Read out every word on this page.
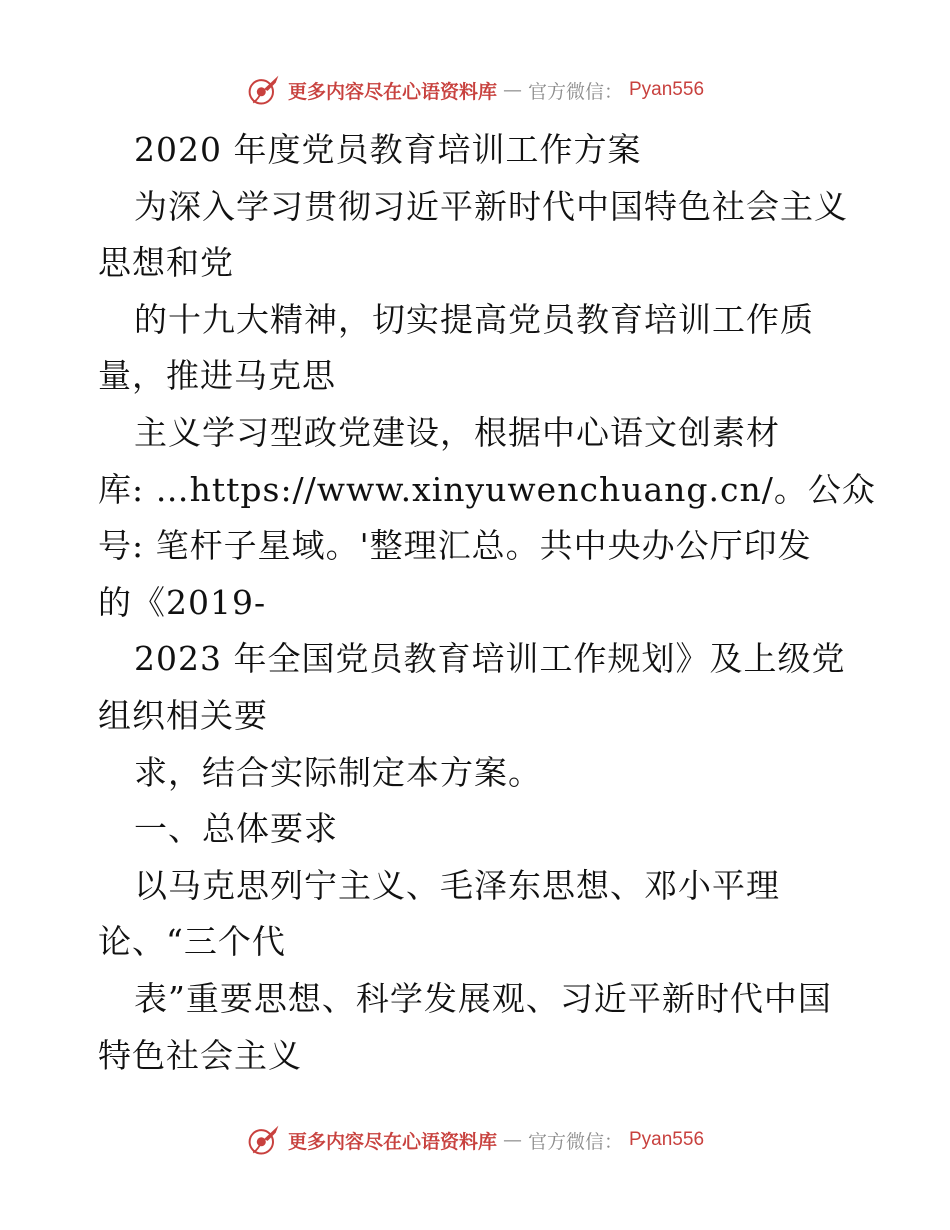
更多内容尽在心语资料库 — 官方微信： Pyan556
2020 年度党员教育培训工作方案
为深入学习贯彻习近平新时代中国特色社会主义
思想和党
的十九大精神，切实提高党员教育培训工作质
量，推进马克思
主义学习型政党建设，根据中心语文创素材
库: …https://www.xinyuwenchuang.cn/。公众
号: 笔杆子星域。'整理汇总。共中央办公厅印发
的《2019-
2023 年全国党员教育培训工作规划》及上级党
组织相关要
求，结合实际制定本方案。
一、总体要求
以马克思列宁主义、毛泽东思想、邓小平理
论、“三个代
表”重要思想、科学发展观、习近平新时代中国
特色社会主义
更多内容尽在心语资料库 — 官方微信： Pyan556
